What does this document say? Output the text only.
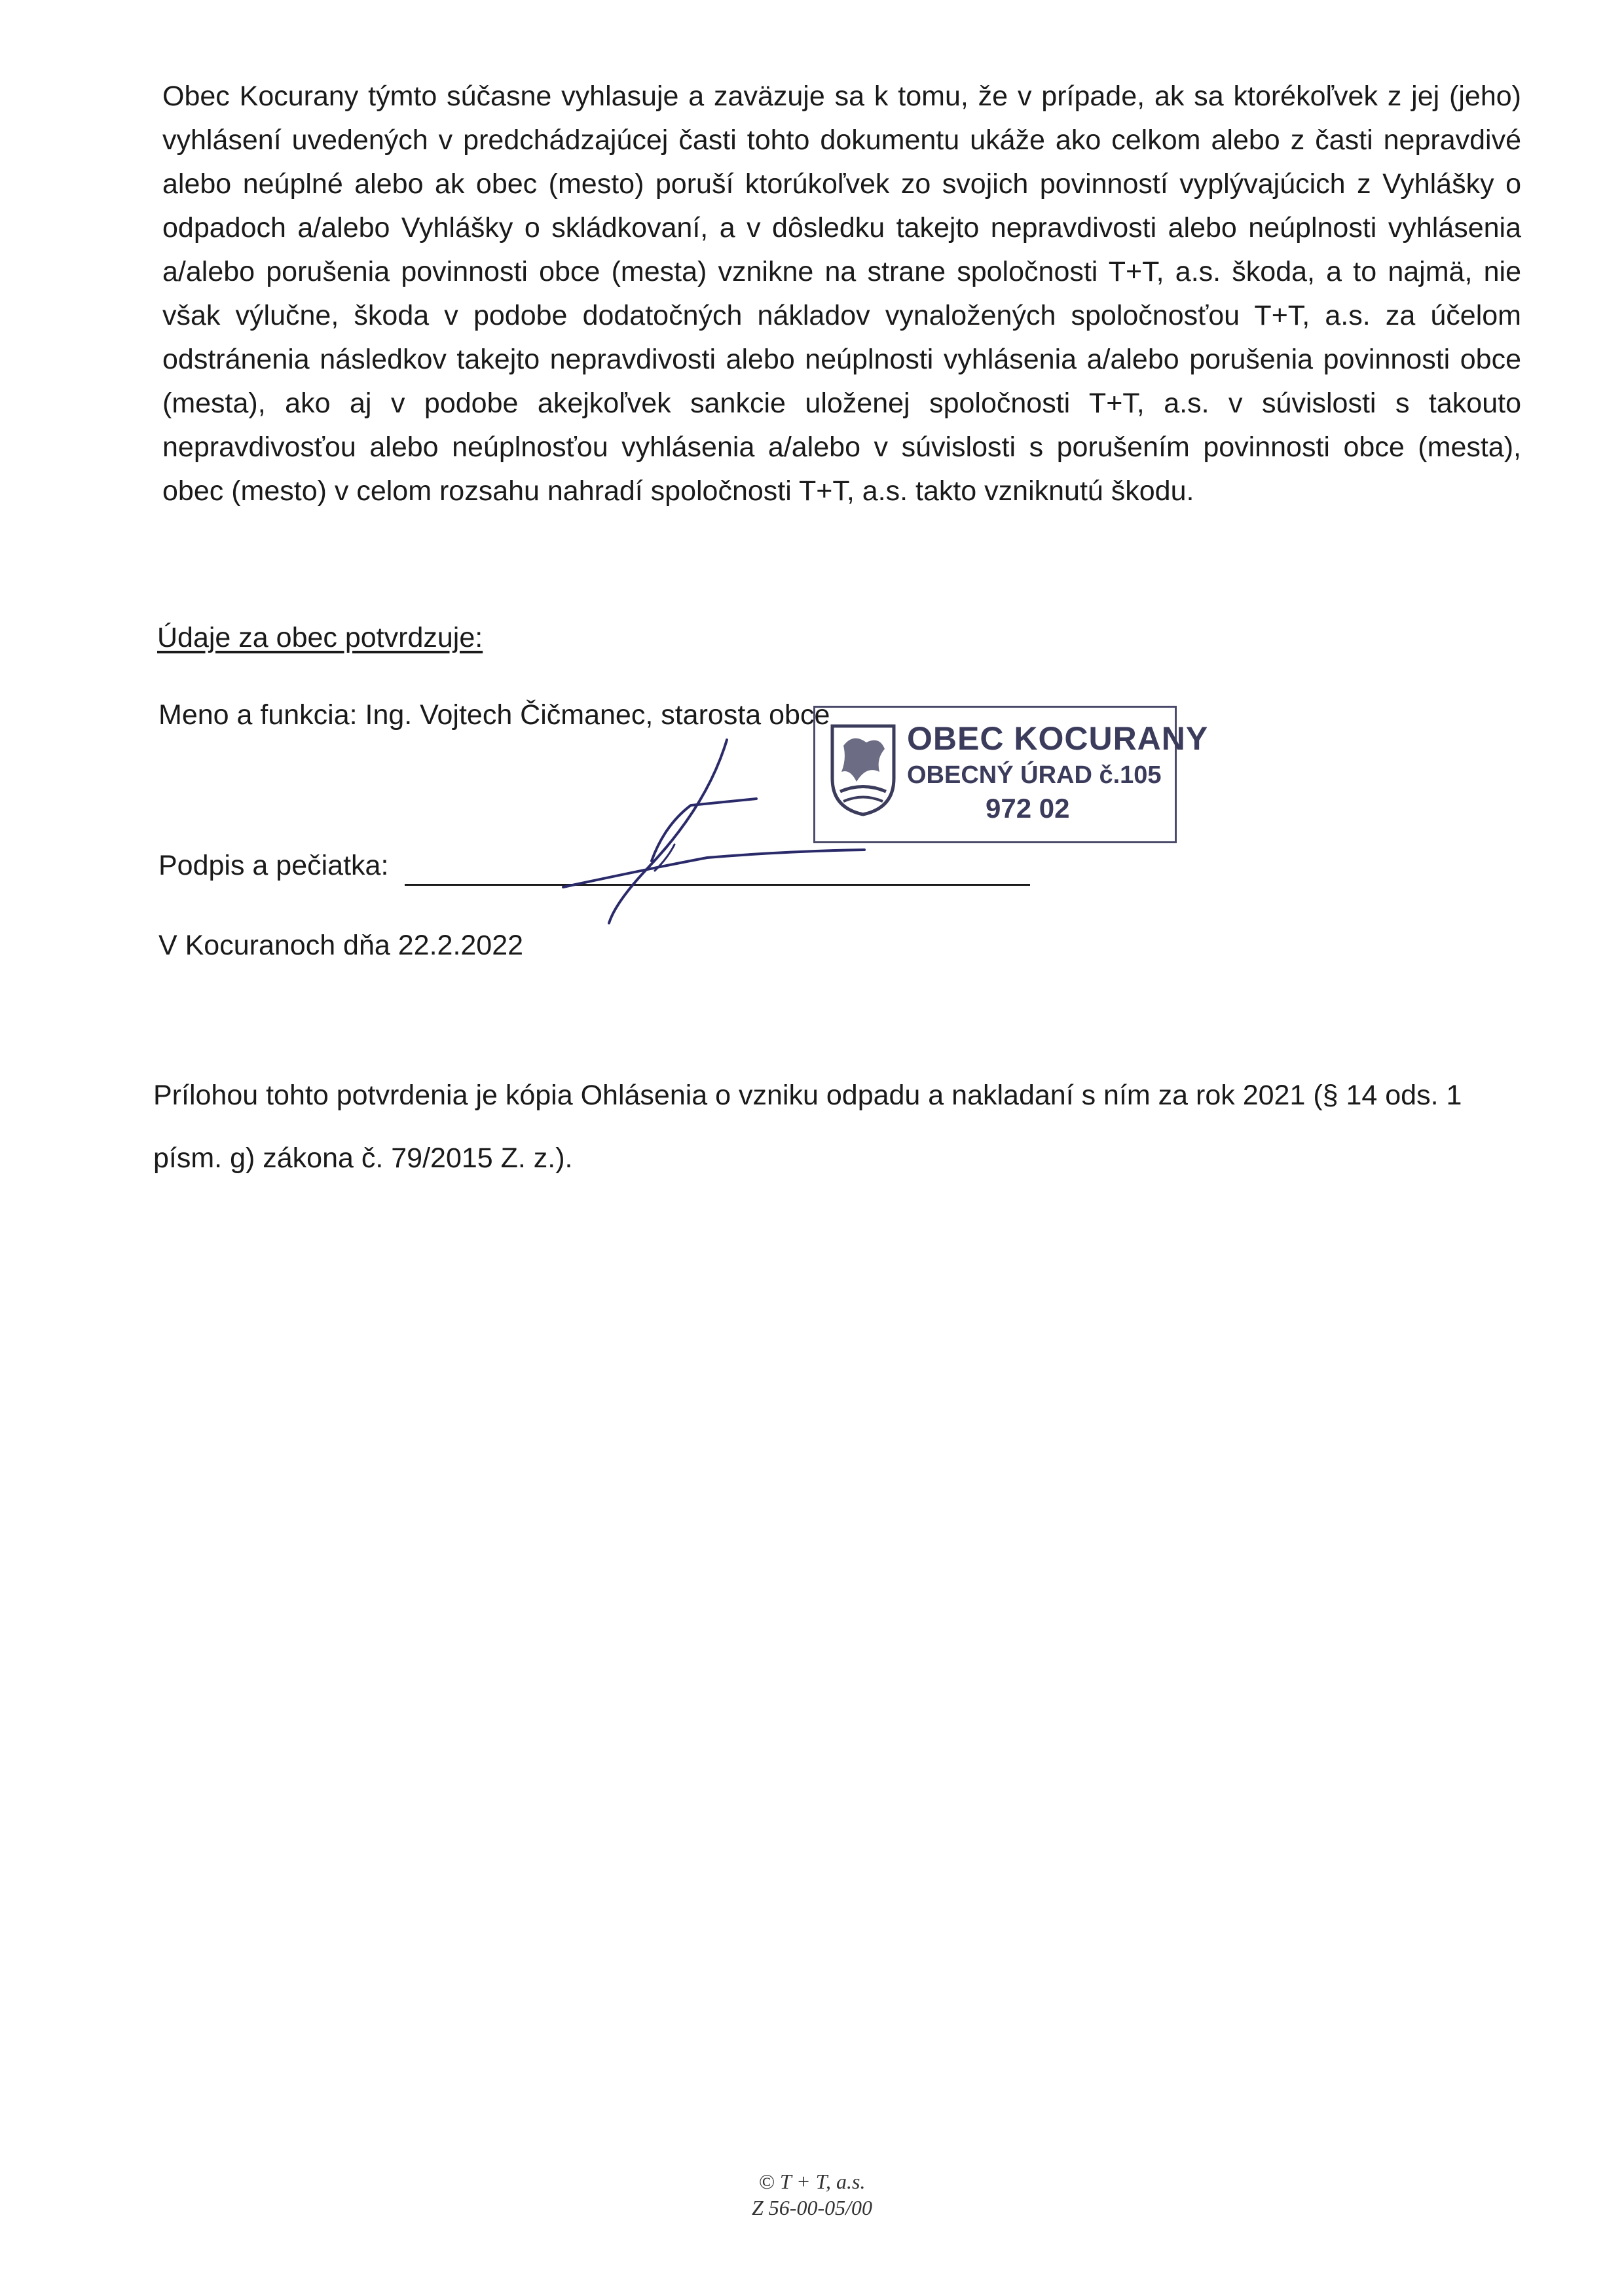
Obec Kocurany týmto súčasne vyhlasuje a zaväzuje sa k tomu, že v prípade, ak sa ktorékoľvek z jej (jeho) vyhlásení uvedených v predchádzajúcej časti tohto dokumentu ukáže ako celkom alebo z časti nepravdivé alebo neúplné alebo ak obec (mesto) poruší ktorúkoľvek zo svojich povinností vyplývajúcich z Vyhlášky o odpadoch a/alebo Vyhlášky o skládkovaní, a v dôsledku takejto nepravdivosti alebo neúplnosti vyhlásenia a/alebo porušenia povinnosti obce (mesta) vznikne na strane spoločnosti T+T, a.s. škoda, a to najmä, nie však výlučne, škoda v podobe dodatočných nákladov vynaložených spoločnosťou T+T, a.s. za účelom odstránenia následkov takejto nepravdivosti alebo neúplnosti vyhlásenia a/alebo porušenia povinnosti obce (mesta), ako aj v podobe akejkoľvek sankcie uloženej spoločnosti T+T, a.s. v súvislosti s takouto nepravdivosťou alebo neúplnosťou vyhlásenia a/alebo v súvislosti s porušením povinnosti obce (mesta), obec (mesto) v celom rozsahu nahradí spoločnosti T+T, a.s. takto vzniknutú škodu.

Údaje za obec potvrdzuje:

Meno a funkcia: Ing. Vojtech Čičmanec, starosta obce

OBEC KOCURANY
OBECNÝ ÚRAD č.105
972 02

Podpis a pečiatka:

V Kocuranoch dňa 22.2.2022

Prílohou tohto potvrdenia je kópia Ohlásenia o vzniku odpadu a nakladaní s ním za rok 2021 (§ 14 ods. 1 písm. g) zákona č. 79/2015 Z. z.).

© T + T, a.s.
Z 56-00-05/00
